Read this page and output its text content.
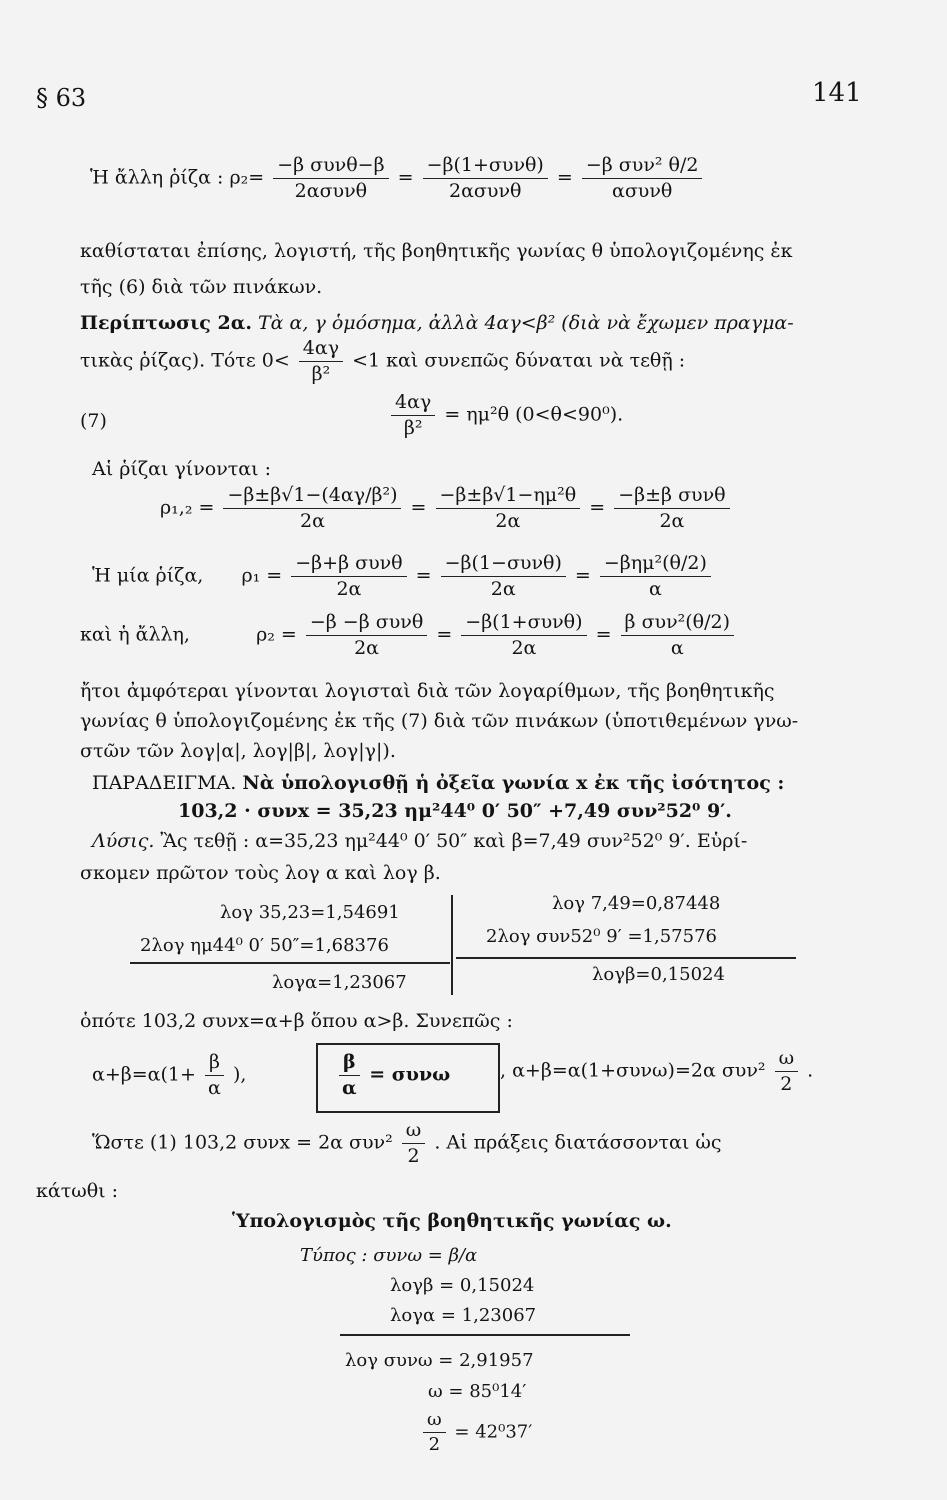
§ 63	141
Ἡ ἄλλη ῥίζα : $\rho_2= \frac{\text{−β συνθ−β}}{\text{2ασυνθ}} = \frac{\text{−β(1+συνθ)}}{\text{2ασυνθ}} = \frac{\text{−β συν² θ/2}}{\text{ασυνθ}}$
καθίσταται ἐπίσης, λογιστή, τῆς βοηθητικῆς γωνίας θ ὑπολογιζομένης ἐκ
τῆς (6) διὰ τῶν πινάκων.
Περίπτωσις 2α. Τὰ α, γ ὁμόσημα, ἀλλὰ 4αγ<β² (διὰ νὰ ἔχωμεν πραγμα-
τικὰς ῥίζας). Τότε $0< \frac{4\alpha\gamma}{\text{β²}} <1$ καὶ συνεπῶς δύναται νὰ τεθῇ :
(7)	$\frac{4\alpha\gamma}{\text{β²}} = \eta\mu^2\theta$ (0<θ<90⁰).
Αἱ ῥίζαι γίνονται :
$\rho_1,_2 = \frac{\text{−β±β√1−(4αγ/β²)}}{2\alpha} = \frac{\text{−β±β√1−ημ²θ}}{2\alpha} = \frac{\text{−β±β συνθ}}{2\alpha}$
Ἡ μία ῥίζα, $\rho_1 = \frac{\text{−β+β συνθ}}{2\alpha} = \frac{\text{−β(1−συνθ)}}{2\alpha} = \frac{\text{−βημ²(θ/2)}}{\alpha}$
καὶ ἡ ἄλλη,	$\rho_2 = \frac{\text{−β −β συνθ}}{2\alpha} = \frac{\text{−β(1+συνθ)}}{2\alpha} = \frac{\text{β συν²(θ/2)}}{\alpha}$
ἤτοι ἀμφότεραι γίνονται λογισταὶ διὰ τῶν λογαρίθμων, τῆς βοηθητικῆς
γωνίας θ ὑπολογιζομένης ἐκ τῆς (7) διὰ τῶν πινάκων (ὑποτιθεμένων γνω-
στῶν τῶν λογ|α|, λογ|β|, λογ|γ|).
ΠΑΡΑΔΕΙΓΜΑ. Νὰ ὑπολογισθῇ ἡ ὀξεῖα γωνία x ἐκ τῆς ἰσότητος :
103,2 · συνx = 35,23 ημ²44⁰ 0′ 50″ +7,49 συν²52⁰ 9′.
Λύσις. Ἂς τεθῇ : α=35,23 ημ²44⁰ 0′ 50″ καὶ β=7,49 συν²52⁰ 9′. Εὑρί-
σκομεν πρῶτον τοὺς λογ α καὶ λογ β.
λογ 35,23=1,54691
2λογ ημ44⁰ 0′ 50″=1,68376
λογα=1,23067
λογ 7,49=0,87448
2λογ συν52⁰ 9′ =1,57576
λογβ=0,15024
ὁπότε 103,2 συνx=α+β ὅπου α>β. Συνεπῶς :
$\alpha+\beta=\alpha(1+ \frac{\beta}{\alpha}$ ),	$\frac{\beta}{\alpha} = \sigma\upsilon\nu\omega$	, α+β=α(1+συνω)=2α $\sigma\upsilon\nu^2 \frac{\omega}{2}$ .
Ὥστε (1) 103,2 συνx = 2α $\sigma\upsilon\nu^2 \frac{\omega}{2}$ . Αἱ πράξεις διατάσσονται ὡς
κάτωθι :
Ὑπολογισμὸς τῆς βοηθητικῆς γωνίας ω.
Τύπος : συνω = β/α
λογβ = 0,15024
λογα = 1,23067
λογ συνω = 2,91957
ω = 85⁰14′
$\frac{\omega}{2} = 42^037'$
